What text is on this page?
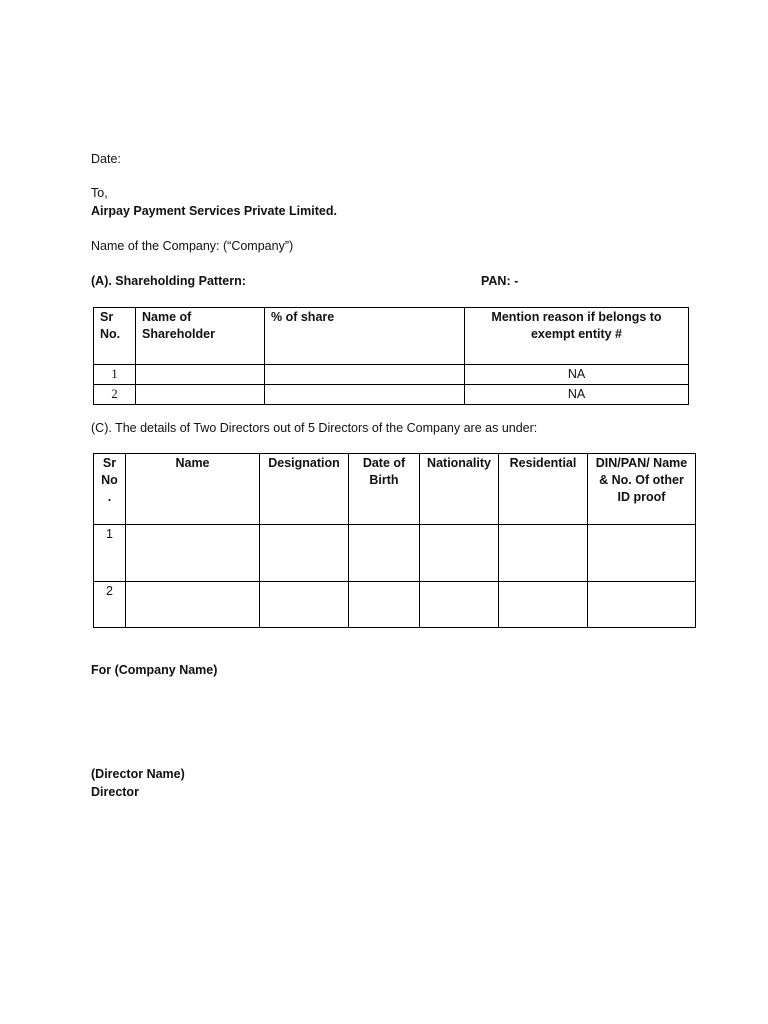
Date:
To,
Airpay Payment Services Private Limited.
Name of the Company: (“Company”)
(A). Shareholding Pattern:	PAN: -
Sr No.	Name of Shareholder	% of share	Mention reason if belongs to exempt entity #
1			NA
2			NA
(C). The details of Two Directors out of 5 Directors of the Company are as under:
Sr No .	Name	Designation	Date of Birth	Nationality	Residential	DIN/PAN/ Name & No. Of other ID proof
1						
2						
For (Company Name)
(Director Name)
Director
